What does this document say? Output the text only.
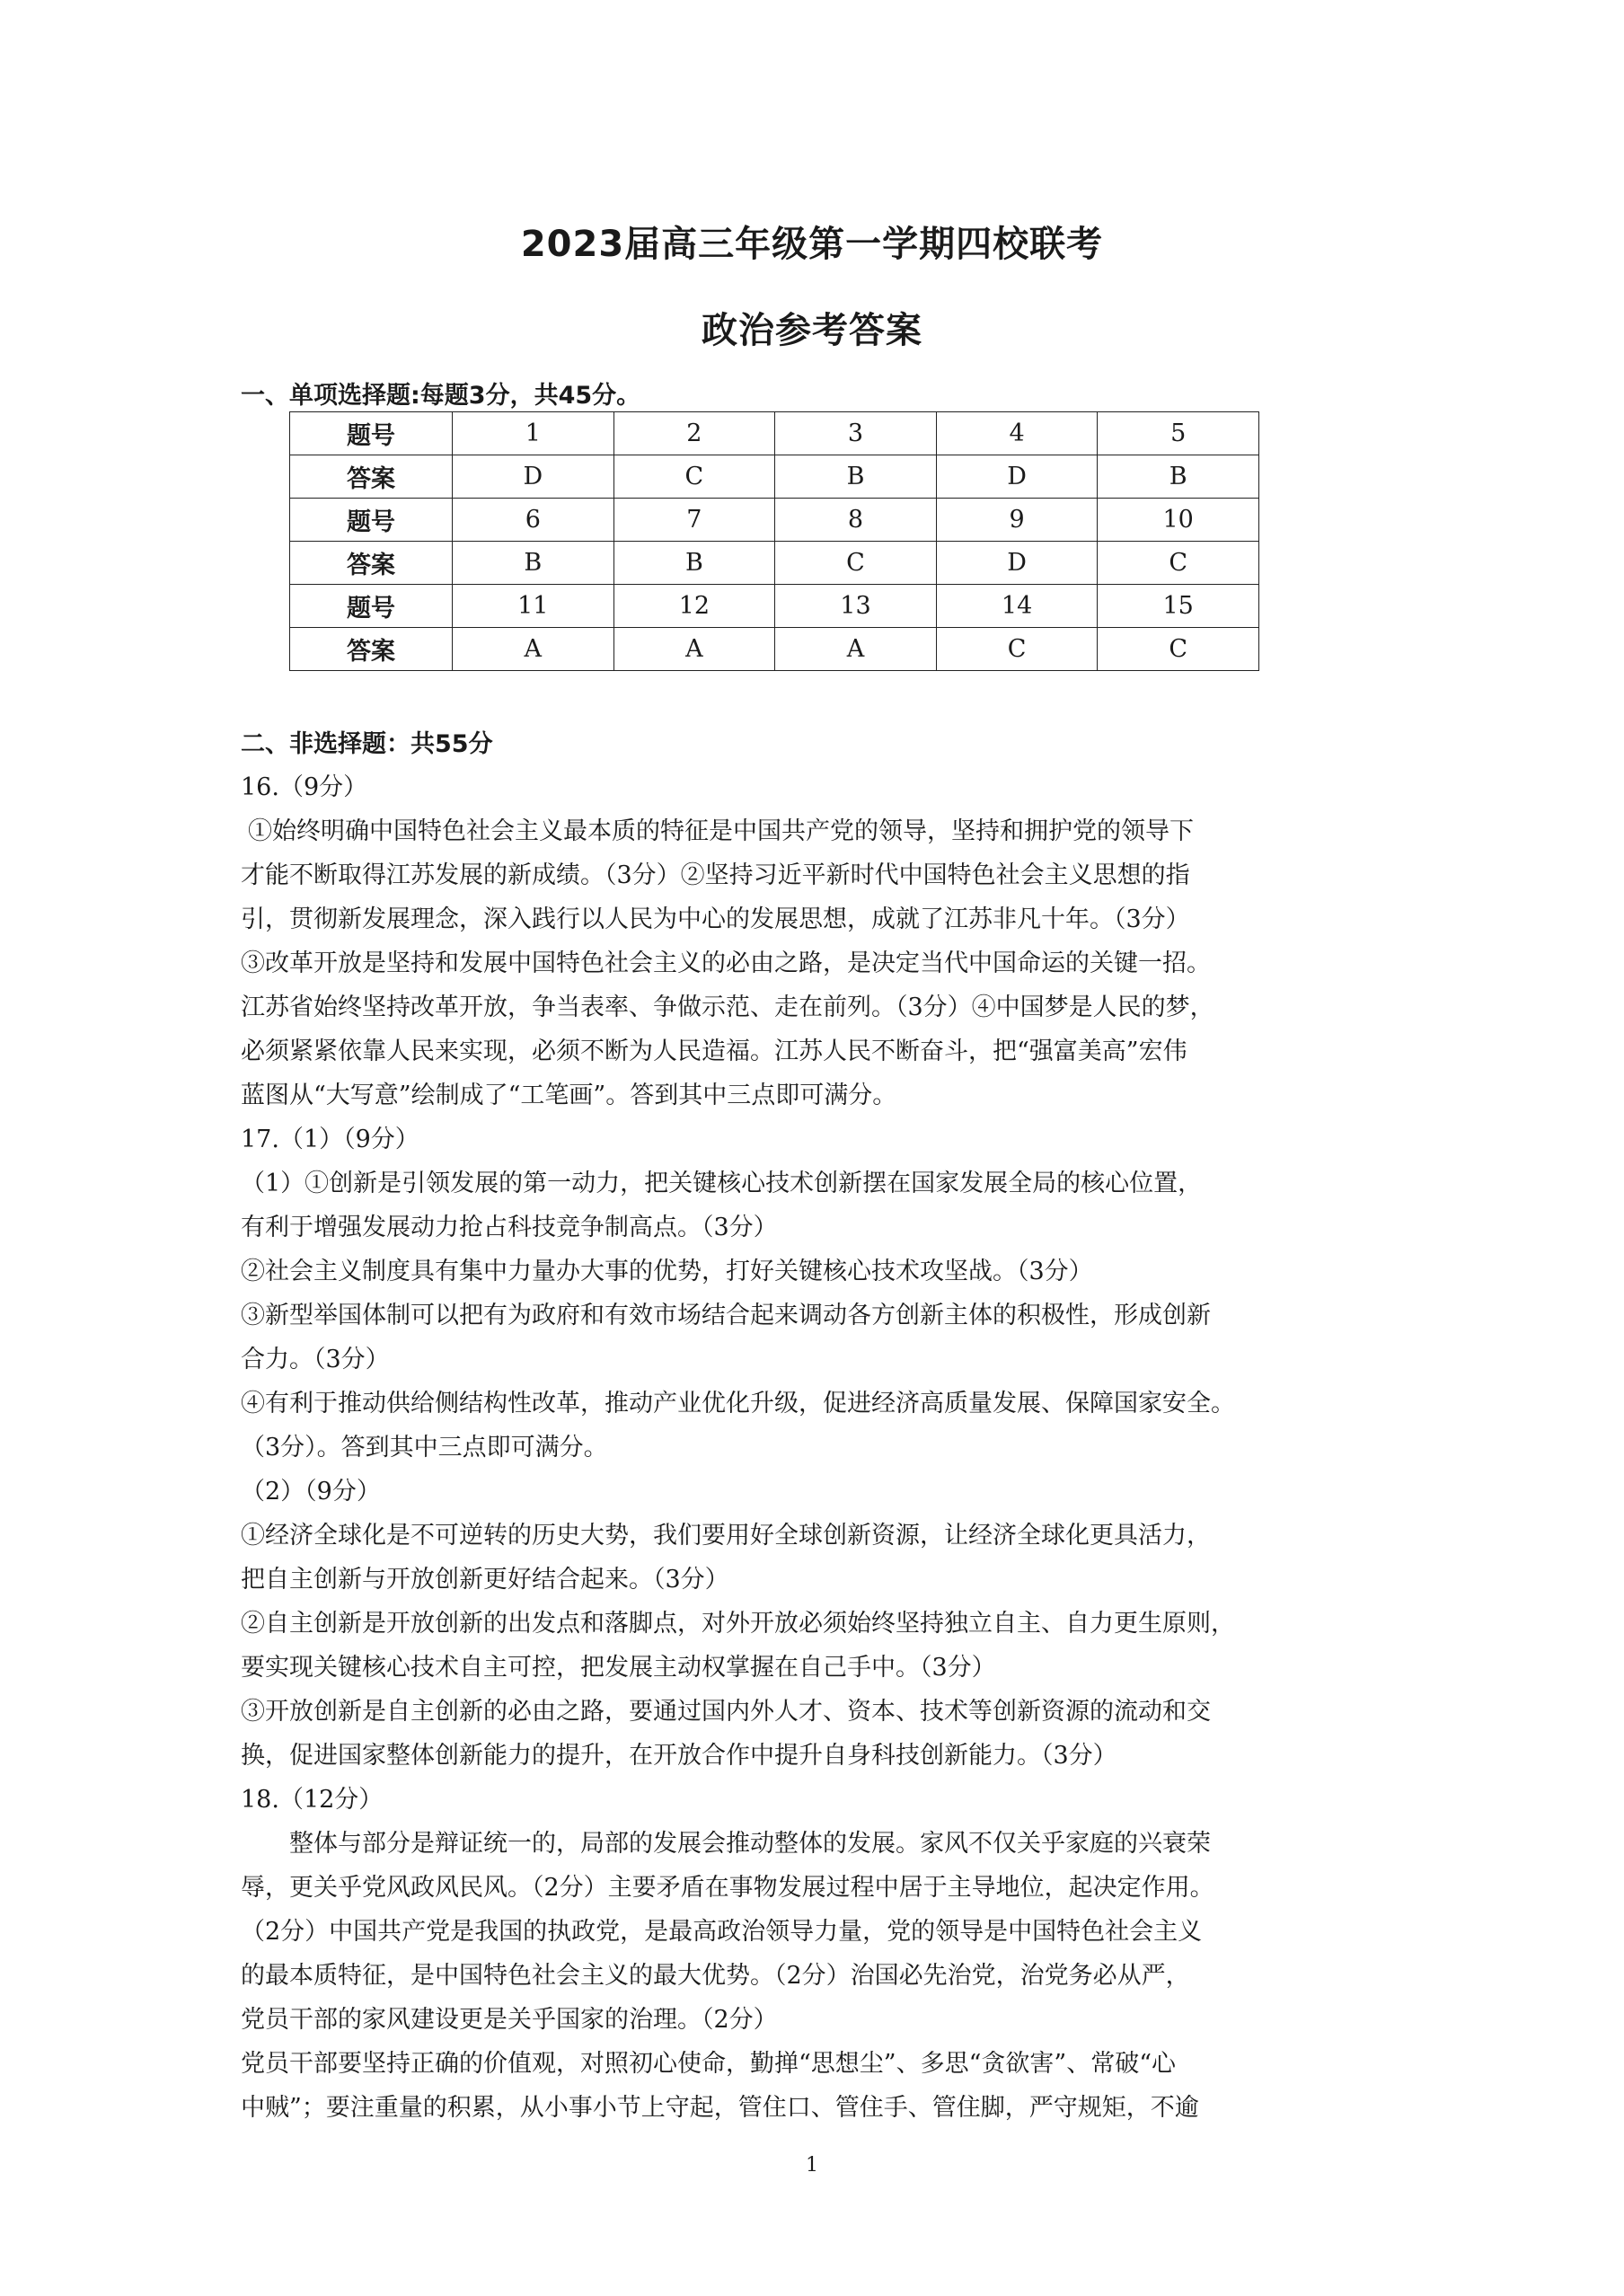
2023届高三年级第一学期四校联考
政治参考答案
一、单项选择题:每题3分，共45分。
题号	1	2	3	4	5
答案	D	C	B	D	B
题号	6	7	8	9	10
答案	B	B	C	D	C
题号	11	12	13	14	15
答案	A	A	A	C	C
二、非选择题：共55分

16.（9分）

①始终明确中国特色社会主义最本质的特征是中国共产党的领导，坚持和拥护党的领导下

才能不断取得江苏发展的新成绩。（3分）②坚持习近平新时代中国特色社会主义思想的指

引，贯彻新发展理念，深入践行以人民为中心的发展思想，成就了江苏非凡十年。（3分）

③改革开放是坚持和发展中国特色社会主义的必由之路，是决定当代中国命运的关键一招。

江苏省始终坚持改革开放，争当表率、争做示范、走在前列。（3分）④中国梦是人民的梦，

必须紧紧依靠人民来实现，必须不断为人民造福。江苏人民不断奋斗，把“强富美高”宏伟

蓝图从“大写意”绘制成了“工笔画”。答到其中三点即可满分。

17.（1）（9分）

（1）①创新是引领发展的第一动力，把关键核心技术创新摆在国家发展全局的核心位置，

有利于增强发展动力抢占科技竞争制高点。（3分）

②社会主义制度具有集中力量办大事的优势，打好关键核心技术攻坚战。（3分）

③新型举国体制可以把有为政府和有效市场结合起来调动各方创新主体的积极性，形成创新

合力。（3分）

④有利于推动供给侧结构性改革，推动产业优化升级，促进经济高质量发展、保障国家安全。

（3分）。答到其中三点即可满分。

（2）（9分）

①经济全球化是不可逆转的历史大势，我们要用好全球创新资源，让经济全球化更具活力，

把自主创新与开放创新更好结合起来。（3分）

②自主创新是开放创新的出发点和落脚点，对外开放必须始终坚持独立自主、自力更生原则，

要实现关键核心技术自主可控，把发展主动权掌握在自己手中。（3分）

③开放创新是自主创新的必由之路，要通过国内外人才、资本、技术等创新资源的流动和交

换，促进国家整体创新能力的提升，在开放合作中提升自身科技创新能力。（3分）

18.（12分）

整体与部分是辩证统一的，局部的发展会推动整体的发展。家风不仅关乎家庭的兴衰荣

辱，更关乎党风政风民风。（2分）主要矛盾在事物发展过程中居于主导地位，起决定作用。

（2分）中国共产党是我国的执政党，是最高政治领导力量，党的领导是中国特色社会主义

的最本质特征，是中国特色社会主义的最大优势。（2分）治国必先治党，治党务必从严，

党员干部的家风建设更是关乎国家的治理。（2分）

党员干部要坚持正确的价值观，对照初心使命，勤掸“思想尘”、多思“贪欲害”、常破“心

中贼”；要注重量的积累，从小事小节上守起，管住口、管住手、管住脚，严守规矩，不逾

1
